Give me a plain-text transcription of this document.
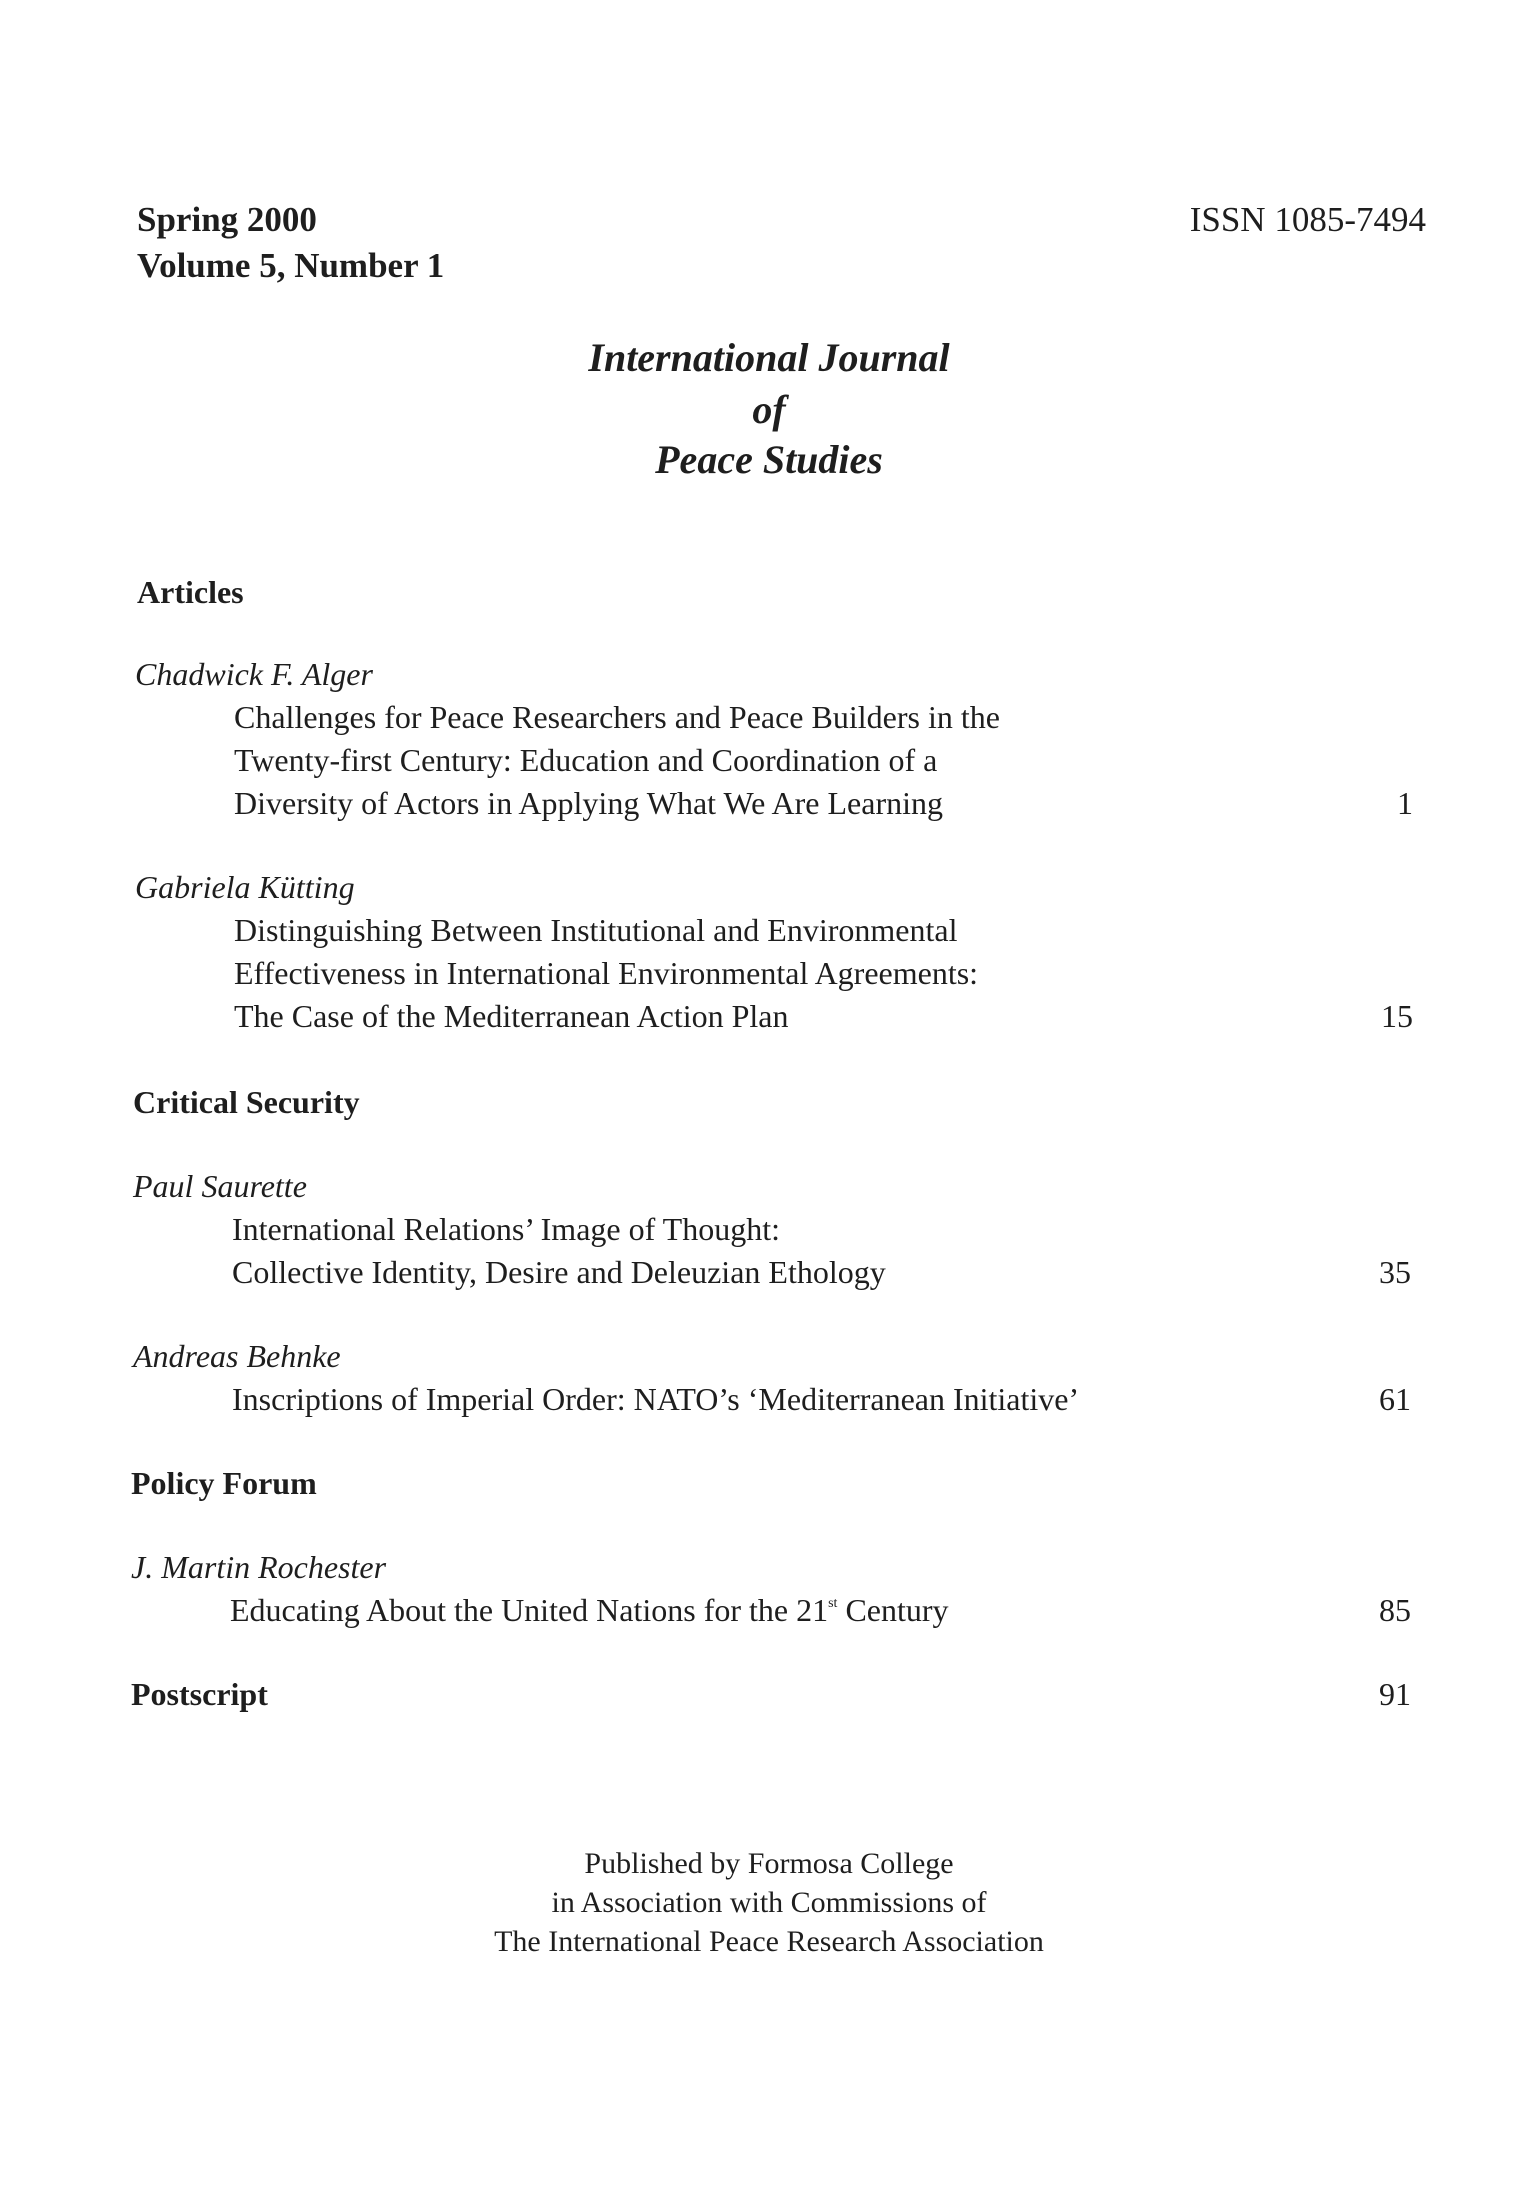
Spring 2000
Volume 5, Number 1
ISSN 1085-7494
International Journal
of
Peace Studies
Articles
Chadwick F. Alger
Challenges for Peace Researchers and Peace Builders in the
Twenty-first Century: Education and Coordination of a
Diversity of Actors in Applying What We Are Learning	1
Gabriela Kütting
Distinguishing Between Institutional and Environmental
Effectiveness in International Environmental Agreements:
The Case of the Mediterranean Action Plan	15
Critical Security
Paul Saurette
International Relations’ Image of Thought:
Collective Identity, Desire and Deleuzian Ethology	35
Andreas Behnke
Inscriptions of Imperial Order: NATO’s ‘Mediterranean Initiative’	61
Policy Forum
J. Martin Rochester
Educating About the United Nations for the 21st Century	85
Postscript	91
Published by Formosa College
in Association with Commissions of
The International Peace Research Association
